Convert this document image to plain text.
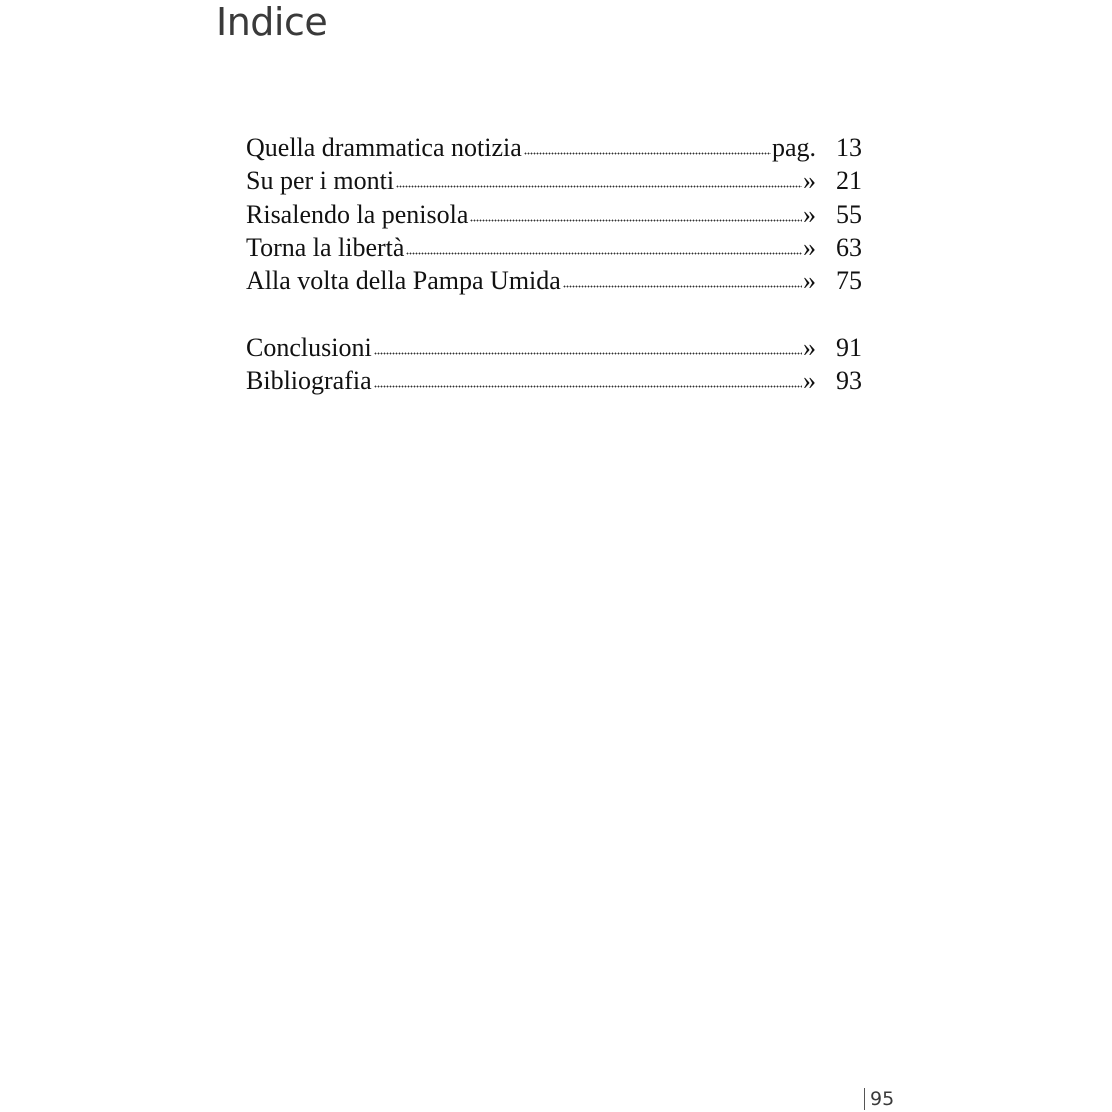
Indice
Quella drammatica notizia	pag. 13
Su per i monti	» 21
Risalendo la penisola	» 55
Torna la libertà	» 63
Alla volta della Pampa Umida	» 75
Conclusioni	» 91
Bibliografia	» 93
95
